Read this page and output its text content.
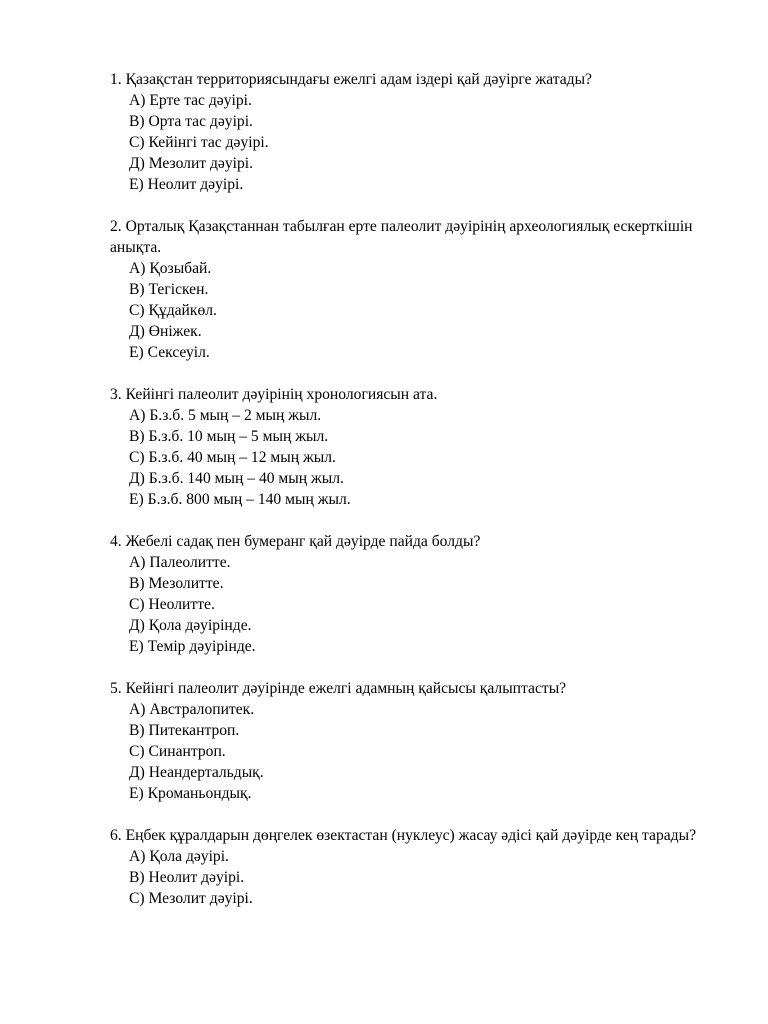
1. Қазақстан территориясындағы ежелгі адам іздері қай дәуірге жатады?

А) Ерте тас дәуірі.
В) Орта тас дәуірі.
С) Кейінгі тас дәуірі.
Д) Мезолит дәуірі.
Е) Неолит дәуірі.

2. Орталық Қазақстаннан табылған ерте палеолит дәуірінің археологиялық ескерткішін анықта.

А) Қозыбай.
В) Тегіскен.
С) Құдайкөл.
Д) Өніжек.
Е) Сексеуіл.

3. Кейінгі палеолит дәуірінің хронологиясын ата.

А) Б.з.б. 5 мың – 2 мың жыл.
В) Б.з.б. 10 мың – 5 мың жыл.
С) Б.з.б. 40 мың – 12 мың жыл.
Д) Б.з.б. 140 мың – 40 мың жыл.
Е) Б.з.б. 800 мың – 140 мың жыл.

4. Жебелі садақ пен бумеранг қай дәуірде пайда болды?

А) Палеолитте.
В) Мезолитте.
С) Неолитте.
Д) Қола дәуірінде.
Е) Темір дәуірінде.

5. Кейінгі палеолит дәуірінде ежелгі адамның қайсысы қалыптасты?

А) Австралопитек.
В) Питекантроп.
С) Синантроп.
Д) Неандертальдық.
Е) Кроманьондық.

6. Еңбек құралдарын дөңгелек өзектастан (нуклеус) жасау әдісі қай дәуірде кең тарады?

А) Қола дәуірі.
В) Неолит дәуірі.
С) Мезолит дәуірі.
